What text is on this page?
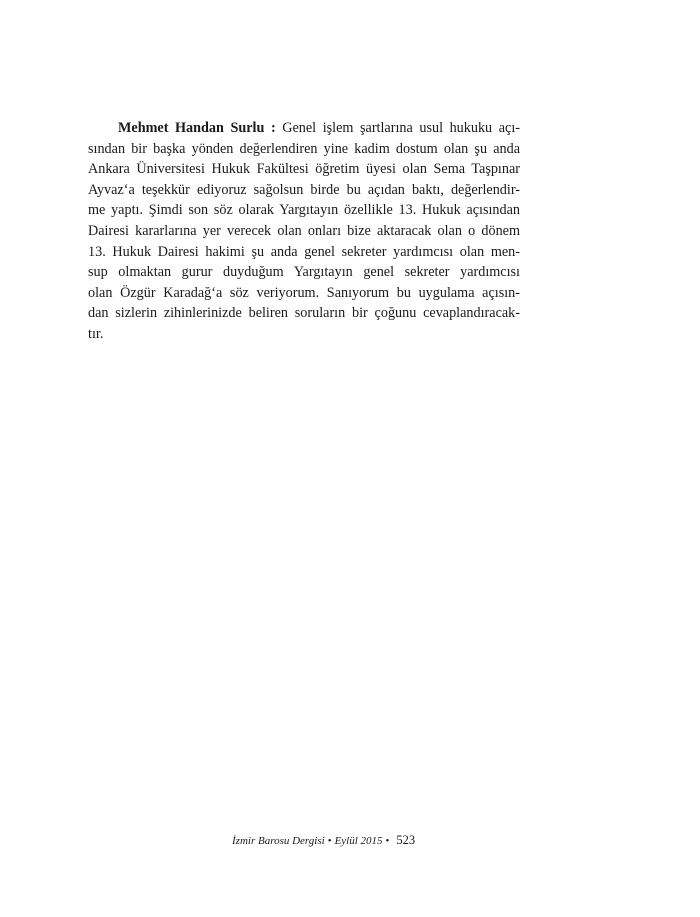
Mehmet Handan Surlu : Genel işlem şartlarına usul hukuku açı-
sından bir başka yönden değerlendiren yine kadim dostum olan şu anda
Ankara Üniversitesi Hukuk Fakültesi öğretim üyesi olan Sema Taşpınar
Ayvaz‘a teşekkür ediyoruz sağolsun birde bu açıdan baktı, değerlendir-
me yaptı. Şimdi son söz olarak Yargıtayın özellikle 13. Hukuk açısından
Dairesi kararlarına yer verecek olan onları bize aktaracak olan o dönem
13. Hukuk Dairesi hakimi şu anda genel sekreter yardımcısı olan men-
sup olmaktan gurur duyduğum Yargıtayın genel sekreter yardımcısı
olan Özgür Karadağ‘a söz veriyorum. Sanıyorum bu uygulama açısın-
dan sizlerin zihinlerinizde beliren soruların bir çoğunu cevaplandıracak-
tır.
İzmir Barosu Dergisi • Eylül 2015 • 523
